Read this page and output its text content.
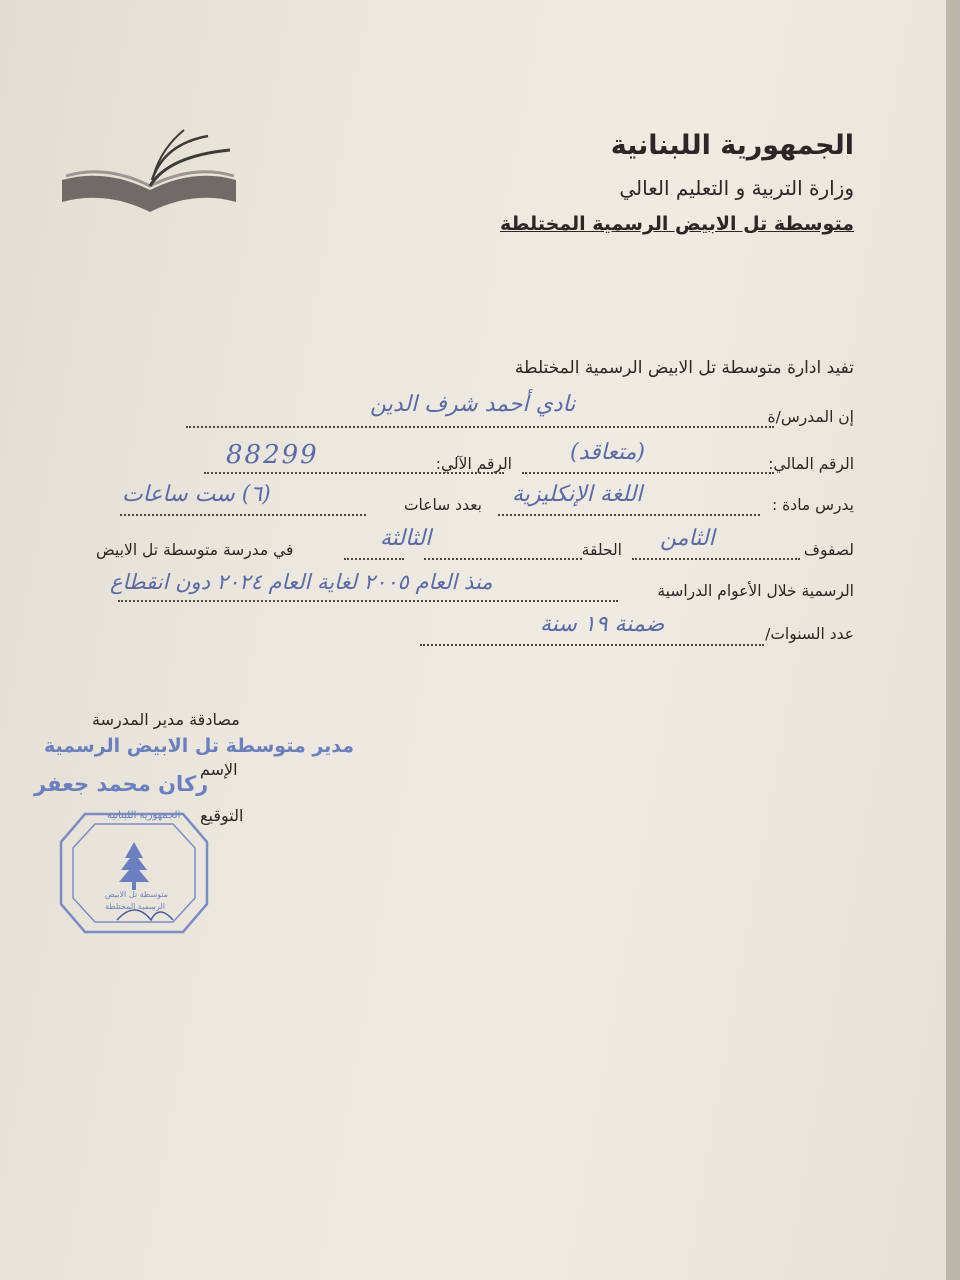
الجمهورية اللبنانية
وزارة التربية و التعليم العالي
متوسطة تل الابيض الرسمية المختلطة
تفيد ادارة متوسطة تل الابيض الرسمية المختلطة
إن المدرس/ة
نادي أحمد شرف الدين
الرقم المالي:
(متعاقد)
الرقم الآلي:
88299
يدرس مادة :
اللغة الإنكليزية
بعدد ساعات
(٦) ست ساعات
لصفوف
الثامن
الحلقة
الثالثة
في مدرسة متوسطة تل الابيض
الرسمية خلال الأعوام الدراسية
منذ العام ٢٠٠٥ لغاية العام ٢٠٢٤ دون انقطاع
عدد السنوات/
ضمنة ١٩ سنة
مصادقة مدير المدرسة
الإسم
التوقيع
مدير متوسطة تل الابيض الرسمية
ركان محمد جعفر
الجمهورية اللبنانية
متوسطة تل الابيض
الرسمية المختلطة
